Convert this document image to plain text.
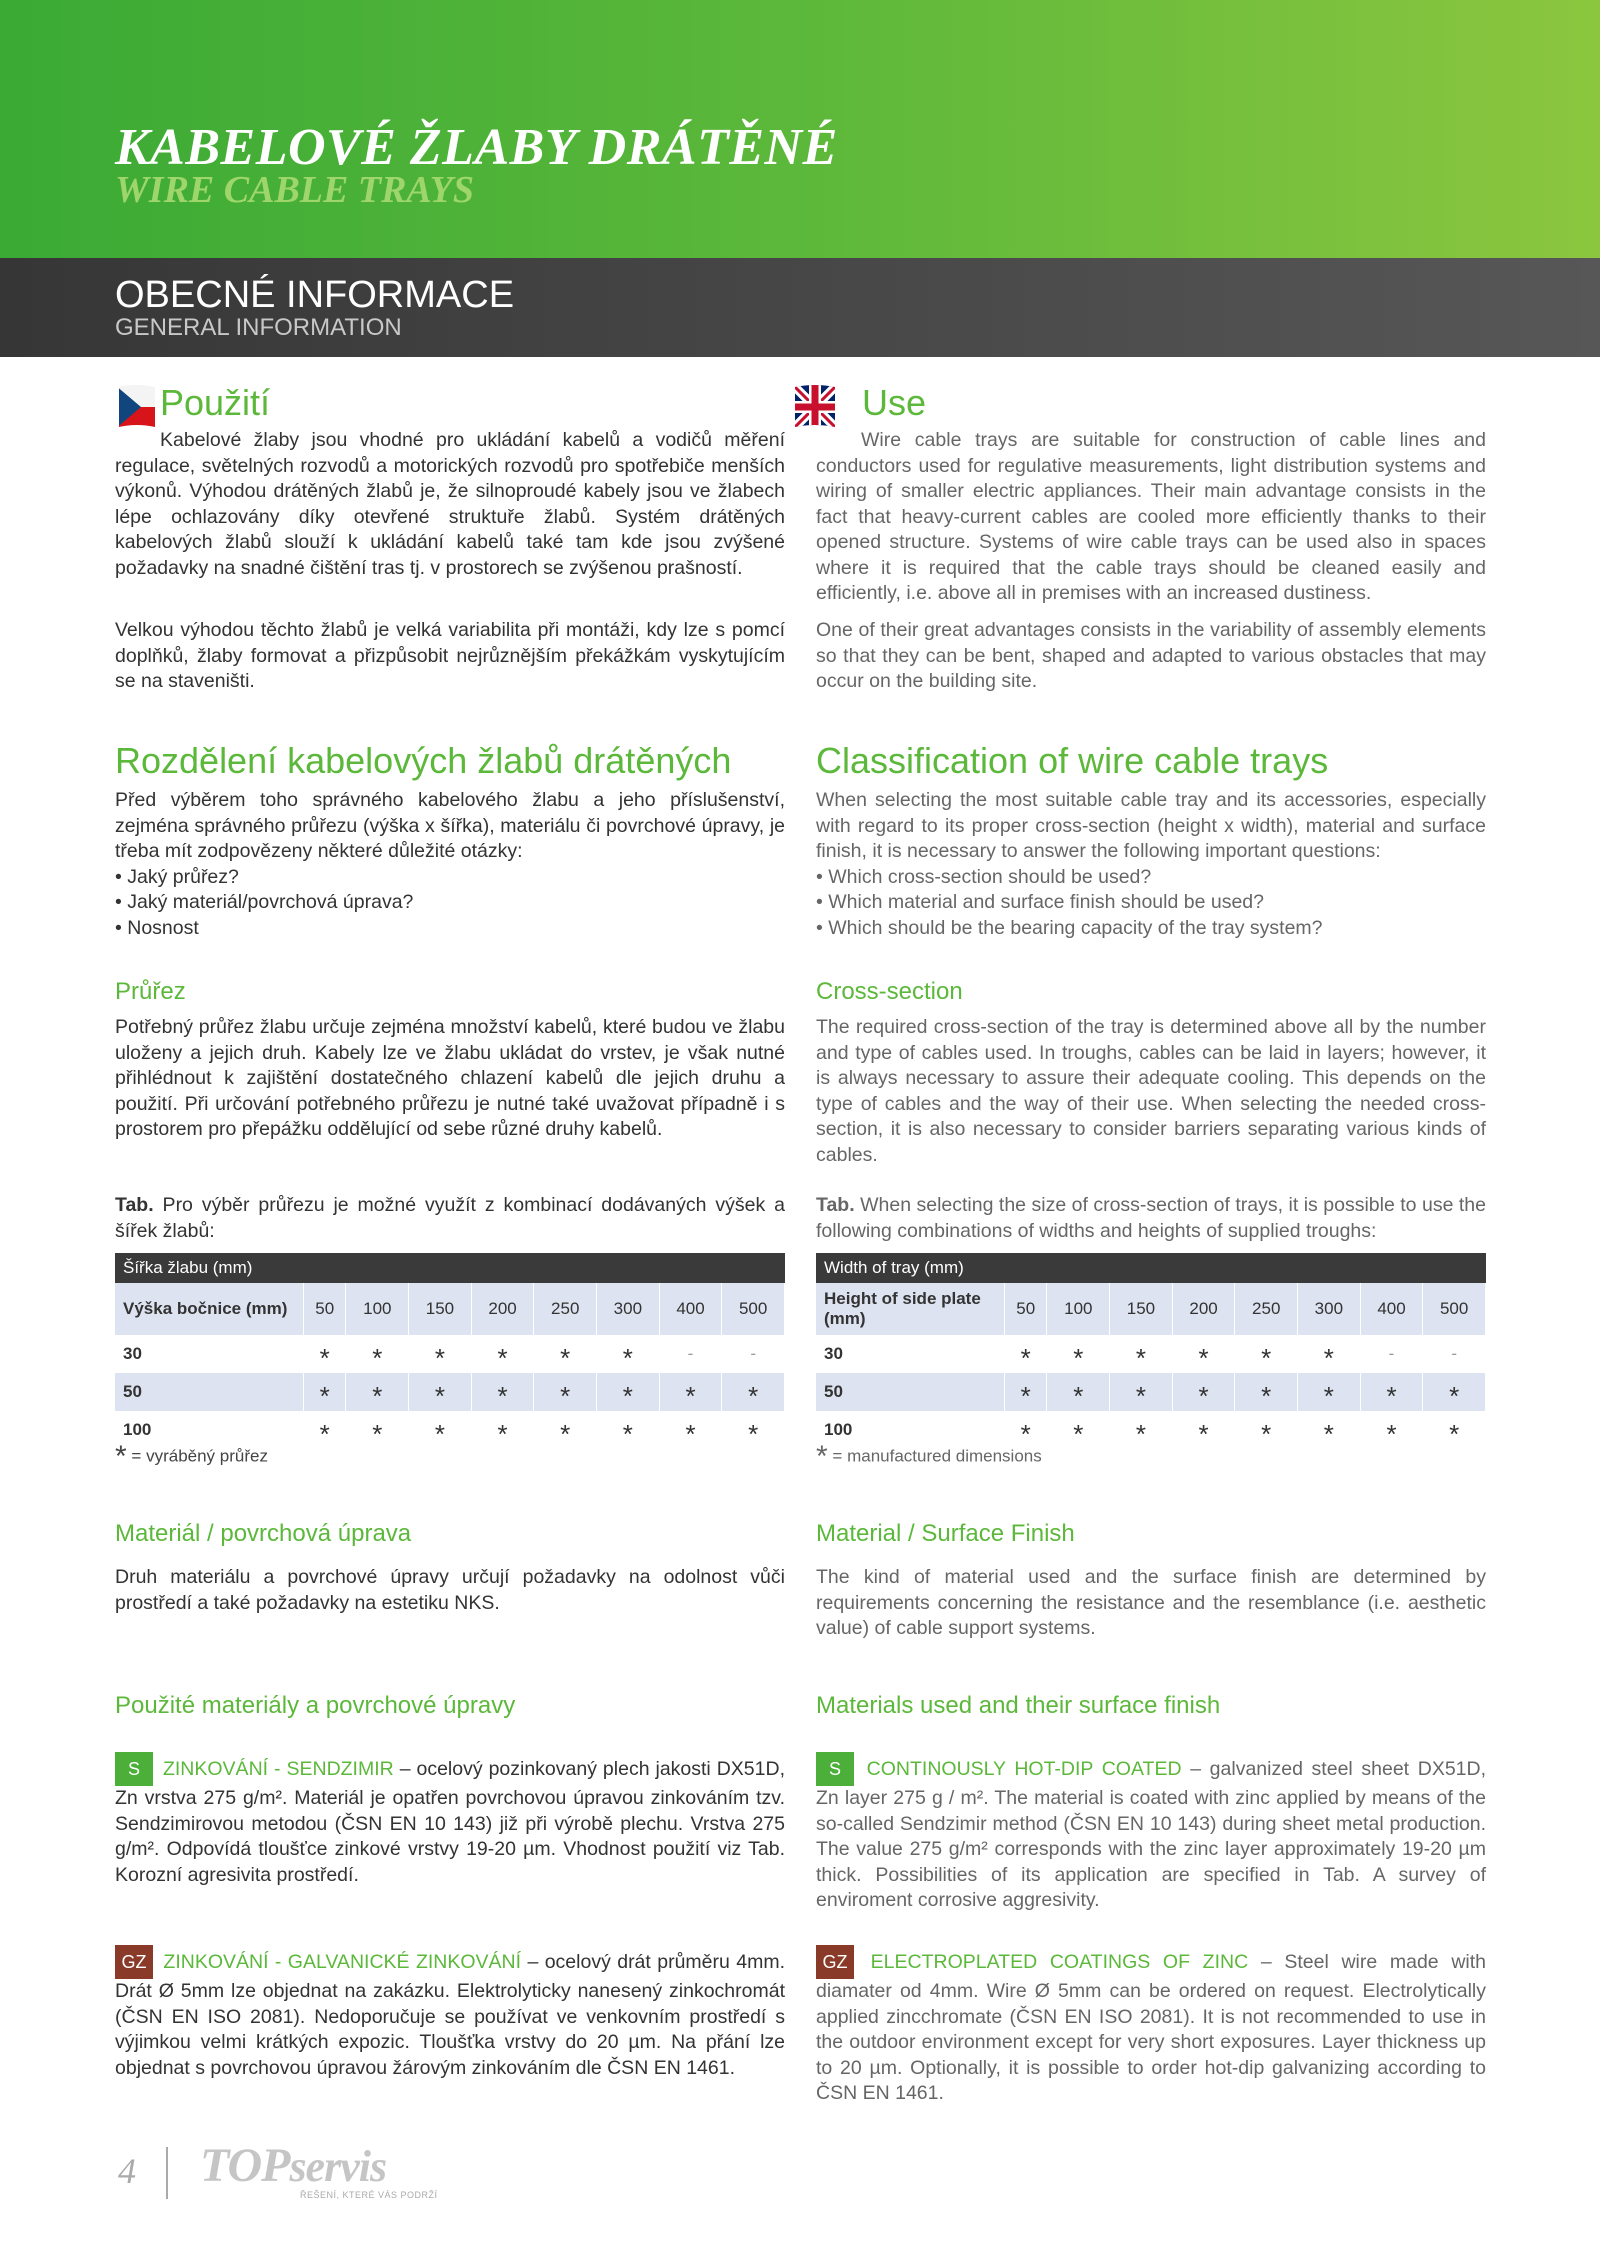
KABELOVÉ ŽLABY DRÁTĚNÉ
WIRE CABLE TRAYS
OBECNÉ INFORMACE
GENERAL INFORMATION
Použití
Kabelové žlaby jsou vhodné pro ukládání kabelů a vodičů měření regulace, světelných rozvodů a motorických rozvodů pro spotřebiče menších výkonů. Výhodou drátěných žlabů je, že silnoproudé kabely jsou ve žlabech lépe ochlazovány díky otevřené struktuře žlabů. Systém drátěných kabelových žlabů slouží k ukládání kabelů také tam kde jsou zvýšené požadavky na snadné čištění tras tj. v prostorech se zvýšenou prašností.
Velkou výhodou těchto žlabů je velká variabilita při montáži, kdy lze s pomcí doplňků, žlaby formovat a přizpůsobit nejrůznějším překážkám vyskytujícím se na staveništi.
Rozdělení kabelových žlabů drátěných
Před výběrem toho správného kabelového žlabu a jeho příslušenství, zejména správného průřezu (výška x šířka), materiálu či povrchové úpravy, je třeba mít zodpovězeny některé důležité otázky:
• Jaký průřez?
• Jaký materiál/povrchová úprava?
• Nosnost
Průřez
Potřebný průřez žlabu určuje zejména množství kabelů, které budou ve žlabu uloženy a jejich druh. Kabely lze ve žlabu ukládat do vrstev, je však nutné přihlédnout k zajištění dostatečného chlazení kabelů dle jejich druhu a použití. Při určování potřebného průřezu je nutné také uvažovat případně i s prostorem pro přepážku oddělující od sebe různé druhy kabelů.
Tab. Pro výběr průřezu je možné využít z kombinací dodávaných výšek a šířek žlabů:
Šířka žlabu (mm)								
Výška bočnice (mm)	50	100	150	200	250	300	400	500
30	*	*	*	*	*	*	-	-
50	*	*	*	*	*	*	*	*
100	*	*	*	*	*	*	*	*
* = vyráběný průřez
Materiál / povrchová úprava
Druh materiálu a povrchové úpravy určují požadavky na odolnost vůči prostředí a také požadavky na estetiku NKS.
Použité materiály a povrchové úpravy
S ZINKOVÁNÍ - SENDZIMIR – ocelový pozinkovaný plech jakosti DX51D, Zn vrstva 275 g/m². Materiál je opatřen povrchovou úpravou zinkováním tzv. Sendzimirovou metodou (ČSN EN 10 143) již při výrobě plechu. Vrstva 275 g/m². Odpovídá tloušťce zinkové vrstvy 19-20 µm. Vhodnost použití viz Tab. Korozní agresivita prostředí.
GZ ZINKOVÁNÍ - GALVANICKÉ ZINKOVÁNÍ – ocelový drát průměru 4mm. Drát Ø 5mm lze objednat na zakázku. Elektrolyticky nanesený zinkochromát (ČSN EN ISO 2081). Nedoporučuje se používat ve venkovním prostředí s výjimkou velmi krátkých expozic. Tloušťka vrstvy do 20 µm. Na přání lze objednat s povrchovou úpravou žárovým zinkováním dle ČSN EN 1461.
Use
Wire cable trays are suitable for construction of cable lines and conductors used for regulative measurements, light distribution systems and wiring of smaller electric appliances. Their main advantage consists in the fact that heavy-current cables are cooled more efficiently thanks to their opened structure. Systems of wire cable trays can be used also in spaces where it is required that the cable trays should be cleaned easily and efficiently, i.e. above all in premises with an increased dustiness.
One of their great advantages consists in the variability of assembly elements so that they can be bent, shaped and adapted to various obstacles that may occur on the building site.
Classification of wire cable trays
When selecting the most suitable cable tray and its accessories, especially with regard to its proper cross-section (height x width), material and surface finish, it is necessary to answer the following important questions:
• Which cross-section should be used?
• Which material and surface finish should be used?
• Which should be the bearing capacity of the tray system?
Cross-section
The required cross-section of the tray is determined above all by the number and type of cables used. In troughs, cables can be laid in layers; however, it is always necessary to assure their adequate cooling. This depends on the type of cables and the way of their use. When selecting the needed cross-section, it is also necessary to consider barriers separating various kinds of cables.
Tab. When selecting the size of cross-section of trays, it is possible to use the following combinations of widths and heights of supplied troughs:
Width of tray (mm)								
Height of side plate (mm)	50	100	150	200	250	300	400	500
30	*	*	*	*	*	*	-	-
50	*	*	*	*	*	*	*	*
100	*	*	*	*	*	*	*	*
* = manufactured dimensions
Material / Surface Finish
The kind of material used and the surface finish are determined by requirements concerning the resistance and the resemblance (i.e. aesthetic value) of cable support systems.
Materials used and their surface finish
S CONTINOUSLY HOT-DIP COATED – galvanized steel sheet DX51D, Zn layer 275 g / m². The material is coated with zinc applied by means of the so-called Sendzimir method (ČSN EN 10 143) during sheet metal production. The value 275 g/m² corresponds with the zinc layer approximately 19-20 µm thick. Possibilities of its application are specified in Tab. A survey of enviroment corrosive aggresivity.
GZ ELECTROPLATED COATINGS OF ZINC – Steel wire made with diamater od 4mm. Wire Ø 5mm can be ordered on request. Electrolytically applied zincchromate (ČSN EN ISO 2081). It is not recommended to use in the outdoor environment except for very short exposures. Layer thickness up to 20 µm. Optionally, it is possible to order hot-dip galvanizing according to ČSN EN 1461.
4 TOPservis
ŘEŠENÍ, KTERÉ VÁS PODRŽÍ
